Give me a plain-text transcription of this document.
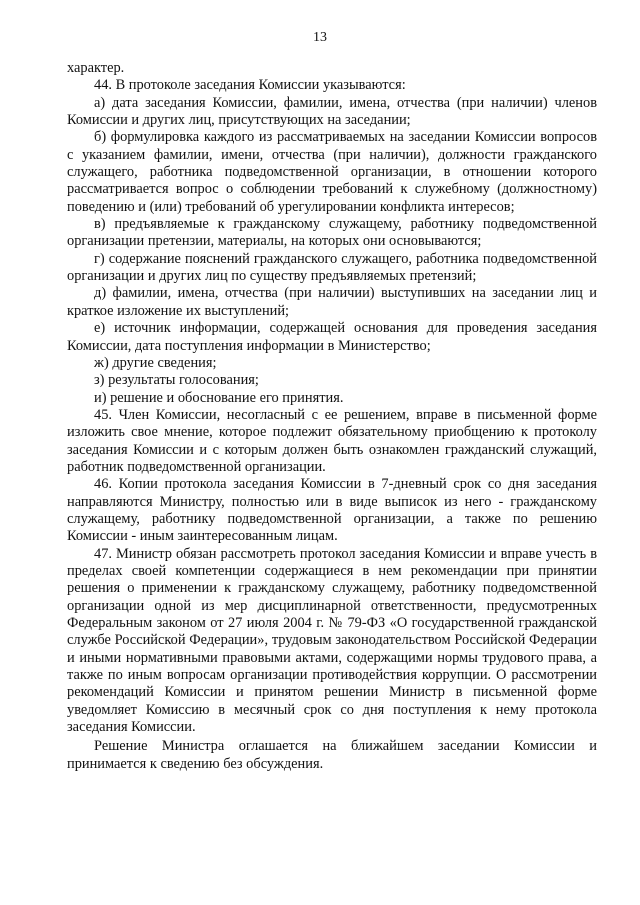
13

характер.

44. В протоколе заседания Комиссии указываются:

а) дата заседания Комиссии, фамилии, имена, отчества (при наличии) членов Комиссии и других лиц, присутствующих на заседании;

б) формулировка каждого из рассматриваемых на заседании Комиссии вопросов с указанием фамилии, имени, отчества (при наличии), должности гражданского служащего, работника подведомственной организации, в отношении которого рассматривается вопрос о соблюдении требований к служебному (должностному) поведению и (или) требований об урегулировании конфликта интересов;

в) предъявляемые к гражданскому служащему, работнику подведомственной организации претензии, материалы, на которых они основываются;

г) содержание пояснений гражданского служащего, работника подведомственной организации и других лиц по существу предъявляемых претензий;

д) фамилии, имена, отчества (при наличии) выступивших на заседании лиц и краткое изложение их выступлений;

е) источник информации, содержащей основания для проведения заседания Комиссии, дата поступления информации в Министерство;

ж) другие сведения;

з) результаты голосования;

и) решение и обоснование его принятия.

45. Член Комиссии, несогласный с ее решением, вправе в письменной форме изложить свое мнение, которое подлежит обязательному приобщению к протоколу заседания Комиссии и с которым должен быть ознакомлен гражданский служащий, работник подведомственной организации.

46. Копии протокола заседания Комиссии в 7-дневный срок со дня заседания направляются Министру, полностью или в виде выписок из него - гражданскому служащему, работнику подведомственной организации, а также по решению Комиссии - иным заинтересованным лицам.

47. Министр обязан рассмотреть протокол заседания Комиссии и вправе учесть в пределах своей компетенции содержащиеся в нем рекомендации при принятии решения о применении к гражданскому служащему, работнику подведомственной организации одной из мер дисциплинарной ответственности, предусмотренных Федеральным законом от 27 июля 2004 г. № 79-ФЗ «О государственной гражданской службе Российской Федерации», трудовым законодательством Российской Федерации и иными нормативными правовыми актами, содержащими нормы трудового права, а также по иным вопросам организации противодействия коррупции. О рассмотрении рекомендаций Комиссии и принятом решении Министр в письменной форме уведомляет Комиссию в месячный срок со дня поступления к нему протокола заседания Комиссии.

Решение Министра оглашается на ближайшем заседании Комиссии и принимается к сведению без обсуждения.
